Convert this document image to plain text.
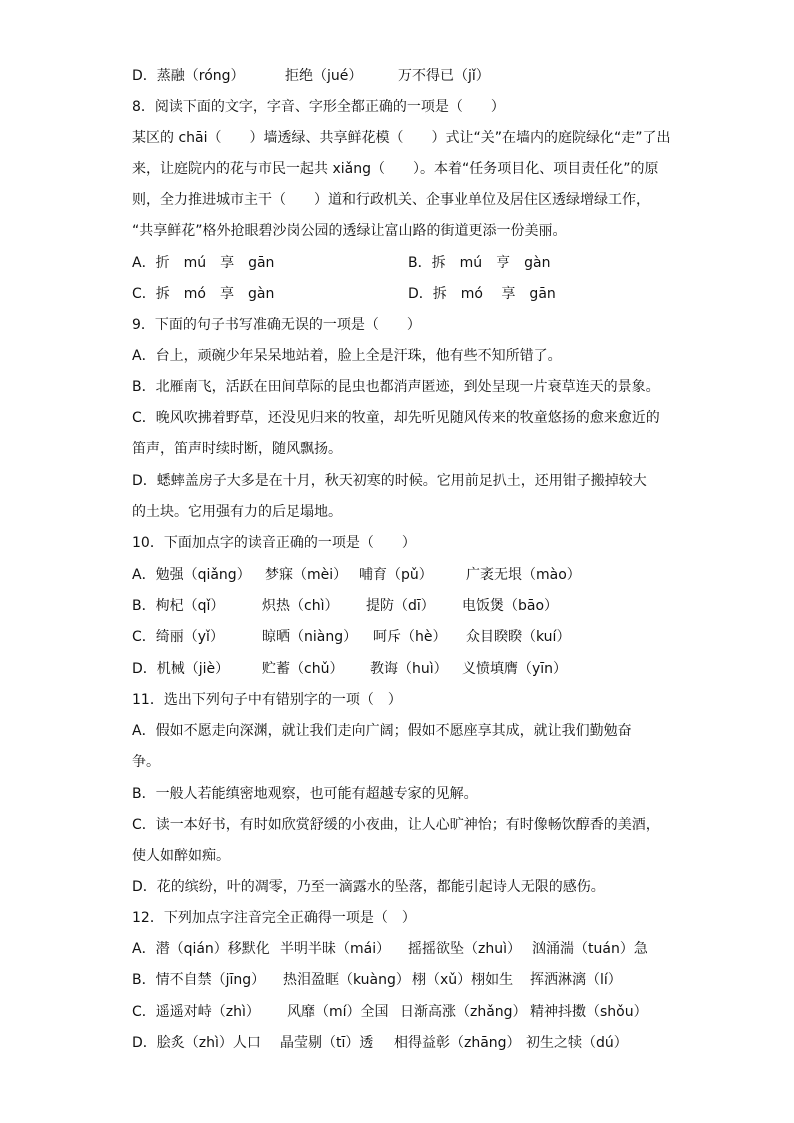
D．蒸融（róng）	拒绝（jué）	万不得已（jǐ）
8．阅读下面的文字，字音、字形全都正确的一项是（　　）
某区的 chāi（　　）墙透绿、共享鲜花模（　　）式让“关”在墙内的庭院绿化“走”了出
来，让庭院内的花与市民一起共 xiǎng（　　）。本着“任务项目化、项目责任化”的原
则，全力推进城市主干（　　）道和行政机关、企事业单位及居住区透绿增绿工作，
“共享鲜花”格外抢眼碧沙岗公园的透绿让富山路的街道更添一份美丽。
A．折　mú　享　gān	B．拆　mú　亨　gàn
C．拆　mó　享　gàn	D．拆　mó　 享　gān
9．下面的句子书写准确无误的一项是（　　）
A．台上，顽碗少年呆呆地站着，脸上全是汗珠，他有些不知所错了。
B．北雁南飞，活跃在田间草际的昆虫也都消声匿迹，到处呈现一片衰草连天的景象。
C．晚风吹拂着野草，还没见归来的牧童，却先听见随风传来的牧童悠扬的愈来愈近的
笛声，笛声时续时断，随风飘扬。
D．蟋蟀盖房子大多是在十月，秋天初寒的时候。它用前足扒土，还用钳子搬掉较大
的土块。它用强有力的后足塌地。
10．下面加点字的读音正确的一项是（　　）
A．勉强（qiǎng） 梦寐（mèi） 哺育（pǔ） 广袤无垠（mào）
B．枸杞（qǐ）	炽热（chì） 提防（dī） 电饭煲（bāo）
C．绮丽（yǐ）	晾晒（niàng） 呵斥（hè） 众目睽睽（kuí）
D．机械（jiè） 贮蓄（chǔ） 教诲（huì） 义愤填膺（yīn）
11．选出下列句子中有错别字的一项（　）
A．假如不愿走向深渊，就让我们走向广阔；假如不愿座享其成，就让我们勤勉奋
争。
B．一般人若能缜密地观察，也可能有超越专家的见解。
C．读一本好书，有时如欣赏舒缓的小夜曲，让人心旷神怡；有时像畅饮醇香的美酒，
使人如醉如痴。
D．花的缤纷，叶的凋零，乃至一滴露水的坠落，都能引起诗人无限的感伤。
12．下列加点字注音完全正确得一项是（　）
A．潜（qián）移默化 半明半昧（mái） 摇摇欲坠（zhuì） 汹涌湍（tuán）急
B．情不自禁（jīng） 热泪盈眶（kuàng） 栩（xǔ）栩如生 挥洒淋漓（lí）
C．遥遥对峙（zhì） 风靡（mí）全国 日渐高涨（zhǎng） 精神抖擞（shǒu）
D．脍炙（zhì）人口 晶莹剔（tī）透 相得益彰（zhāng） 初生之犊（dú）
